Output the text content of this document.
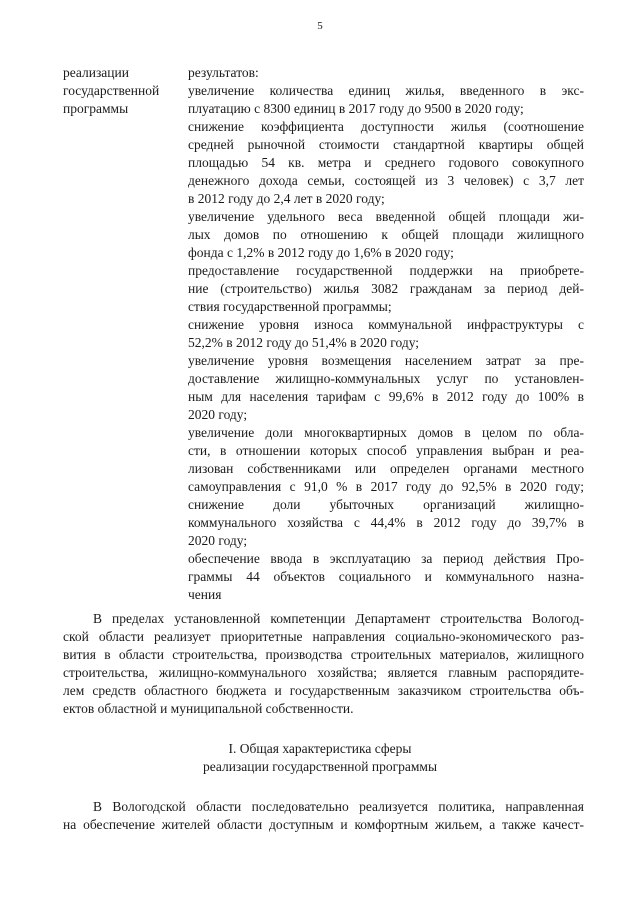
5
реализации
государственной
программы
результатов:
увеличение количества единиц жилья, введенного в экс-
плуатацию с 8300 единиц в 2017 году до 9500 в 2020 году;
снижение коэффициента доступности жилья (соотношение
средней рыночной стоимости стандартной квартиры общей
площадью 54 кв. метра и среднего годового совокупного
денежного дохода семьи, состоящей из 3 человек) с 3,7 лет
в 2012 году до 2,4 лет в 2020 году;
увеличение удельного веса введенной общей площади жи-
лых домов по отношению к общей площади жилищного
фонда с 1,2% в 2012 году до 1,6% в 2020 году;
предоставление государственной поддержки на приобрете-
ние (строительство) жилья 3082 гражданам за период дей-
ствия государственной программы;
снижение уровня износа коммунальной инфраструктуры с
52,2% в 2012 году до 51,4% в 2020 году;
увеличение уровня возмещения населением затрат за пре-
доставление жилищно-коммунальных услуг по установлен-
ным для населения тарифам с 99,6% в 2012 году до 100% в
2020 году;
увеличение доли многоквартирных домов в целом по обла-
сти, в отношении которых способ управления выбран и реа-
лизован собственниками или определен органами местного
самоуправления с 91,0 % в 2017 году до 92,5% в 2020 году;
снижение доли убыточных организаций жилищно-
коммунального хозяйства с 44,4% в 2012 году до 39,7% в
2020 году;
обеспечение ввода в эксплуатацию за период действия Про-
граммы 44 объектов социального и коммунального назна-
чения
В пределах установленной компетенции Департамент строительства Вологод-
ской области реализует приоритетные направления социально-экономического раз-
вития в области строительства, производства строительных материалов, жилищного
строительства, жилищно-коммунального хозяйства; является главным распорядите-
лем средств областного бюджета и государственным заказчиком строительства объ-
ектов областной и муниципальной собственности.
I. Общая характеристика сферы
реализации государственной программы
В Вологодской области последовательно реализуется политика, направленная
на обеспечение жителей области доступным и комфортным жильем, а также качест-
